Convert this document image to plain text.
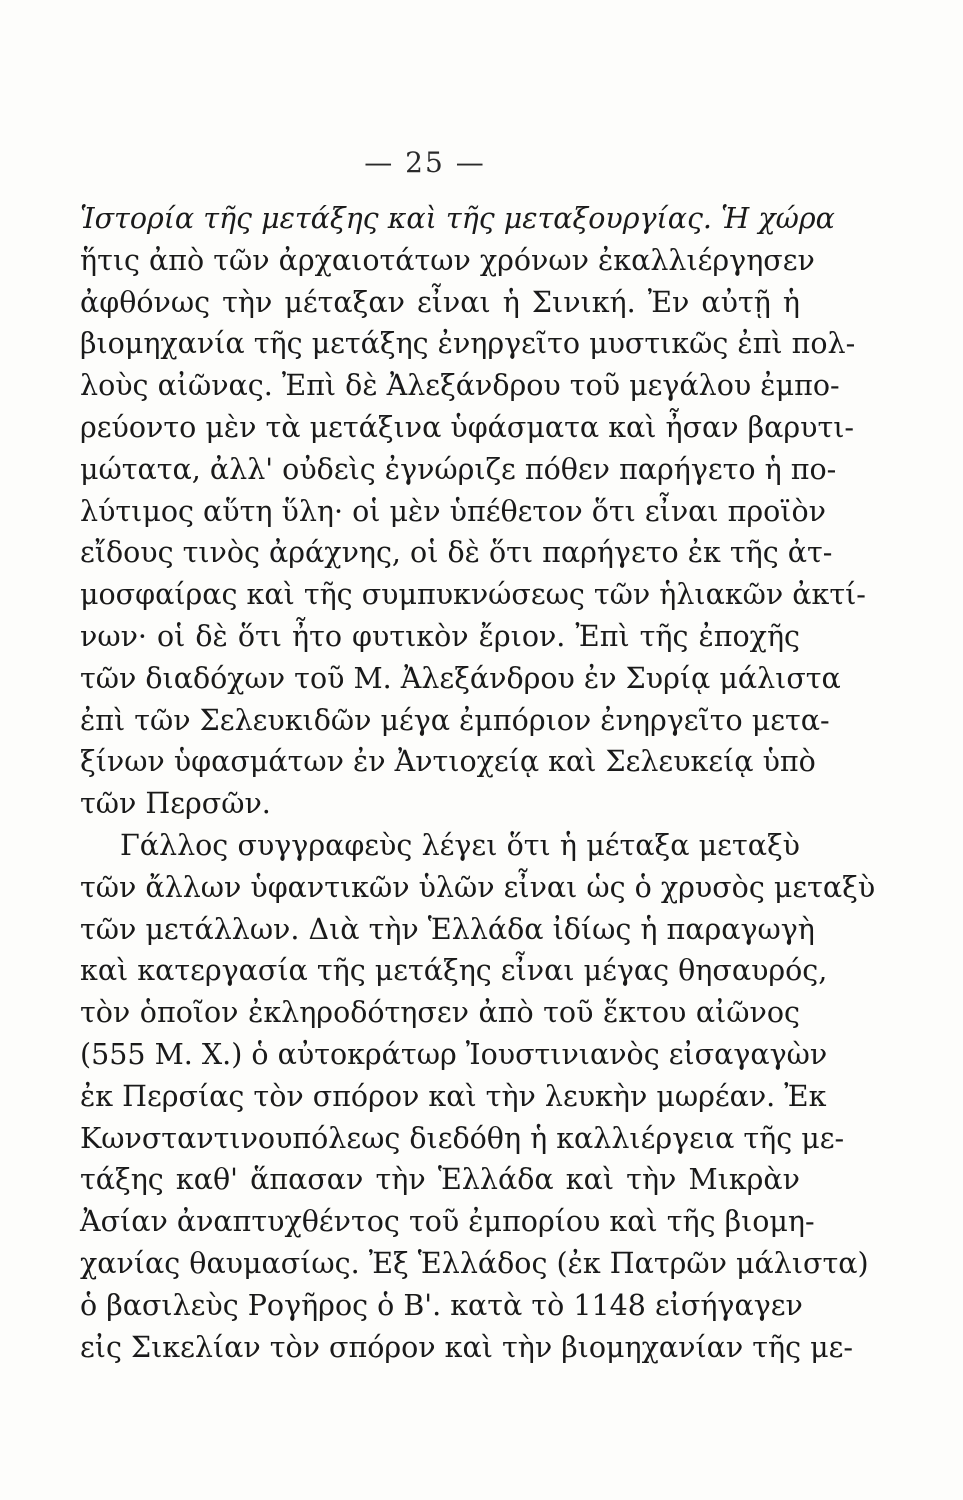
— 25 —
Ἱστορία τῆς μετάξης καὶ τῆς μεταξουργίας. Ἡ χώρα
ἥτις ἀπὸ τῶν ἀρχαιοτάτων χρόνων ἐκαλλιέργησεν
ἀφθόνως τὴν μέταξαν εἶναι ἡ Σινική. Ἐν αὐτῇ ἡ
βιομηχανία τῆς μετάξης ἐνηργεῖτο μυστικῶς ἐπὶ πολ-
λοὺς αἰῶνας. Ἐπὶ δὲ Ἀλεξάνδρου τοῦ μεγάλου ἐμπο-
ρεύοντο μὲν τὰ μετάξινα ὑφάσματα καὶ ἦσαν βαρυτι-
μώτατα, ἀλλ' οὐδεὶς ἐγνώριζε πόθεν παρήγετο ἡ πο-
λύτιμος αὕτη ὕλη· οἱ μὲν ὑπέθετον ὅτι εἶναι προϊὸν
εἴδους τινὸς ἀράχνης, οἱ δὲ ὅτι παρήγετο ἐκ τῆς ἀτ-
μοσφαίρας καὶ τῆς συμπυκνώσεως τῶν ἡλιακῶν ἀκτί-
νων· οἱ δὲ ὅτι ἦτο φυτικὸν ἔριον. Ἐπὶ τῆς ἐποχῆς
τῶν διαδόχων τοῦ Μ. Ἀλεξάνδρου ἐν Συρίᾳ μάλιστα
ἐπὶ τῶν Σελευκιδῶν μέγα ἐμπόριον ἐνηργεῖτο μετα-
ξίνων ὑφασμάτων ἐν Ἀντιοχείᾳ καὶ Σελευκείᾳ ὑπὸ
τῶν Περσῶν.
Γάλλος συγγραφεὺς λέγει ὅτι ἡ μέταξα μεταξὺ
τῶν ἄλλων ὑφαντικῶν ὑλῶν εἶναι ὡς ὁ χρυσὸς μεταξὺ
τῶν μετάλλων. Διὰ τὴν Ἑλλάδα ἰδίως ἡ παραγωγὴ
καὶ κατεργασία τῆς μετάξης εἶναι μέγας θησαυρός,
τὸν ὁποῖον ἐκληροδότησεν ἀπὸ τοῦ ἕκτου αἰῶνος
(555 Μ. Χ.) ὁ αὐτοκράτωρ Ἰουστινιανὸς εἰσαγαγὼν
ἐκ Περσίας τὸν σπόρον καὶ τὴν λευκὴν μωρέαν. Ἐκ
Κωνσταντινουπόλεως διεδόθη ἡ καλλιέργεια τῆς με-
τάξης καθ' ἅπασαν τὴν Ἑλλάδα καὶ τὴν Μικρὰν
Ἀσίαν ἀναπτυχθέντος τοῦ ἐμπορίου καὶ τῆς βιομη-
χανίας θαυμασίως. Ἐξ Ἑλλάδος (ἐκ Πατρῶν μάλιστα)
ὁ βασιλεὺς Ρογῆρος ὁ Β'. κατὰ τὸ 1148 εἰσήγαγεν
εἰς Σικελίαν τὸν σπόρον καὶ τὴν βιομηχανίαν τῆς με-
